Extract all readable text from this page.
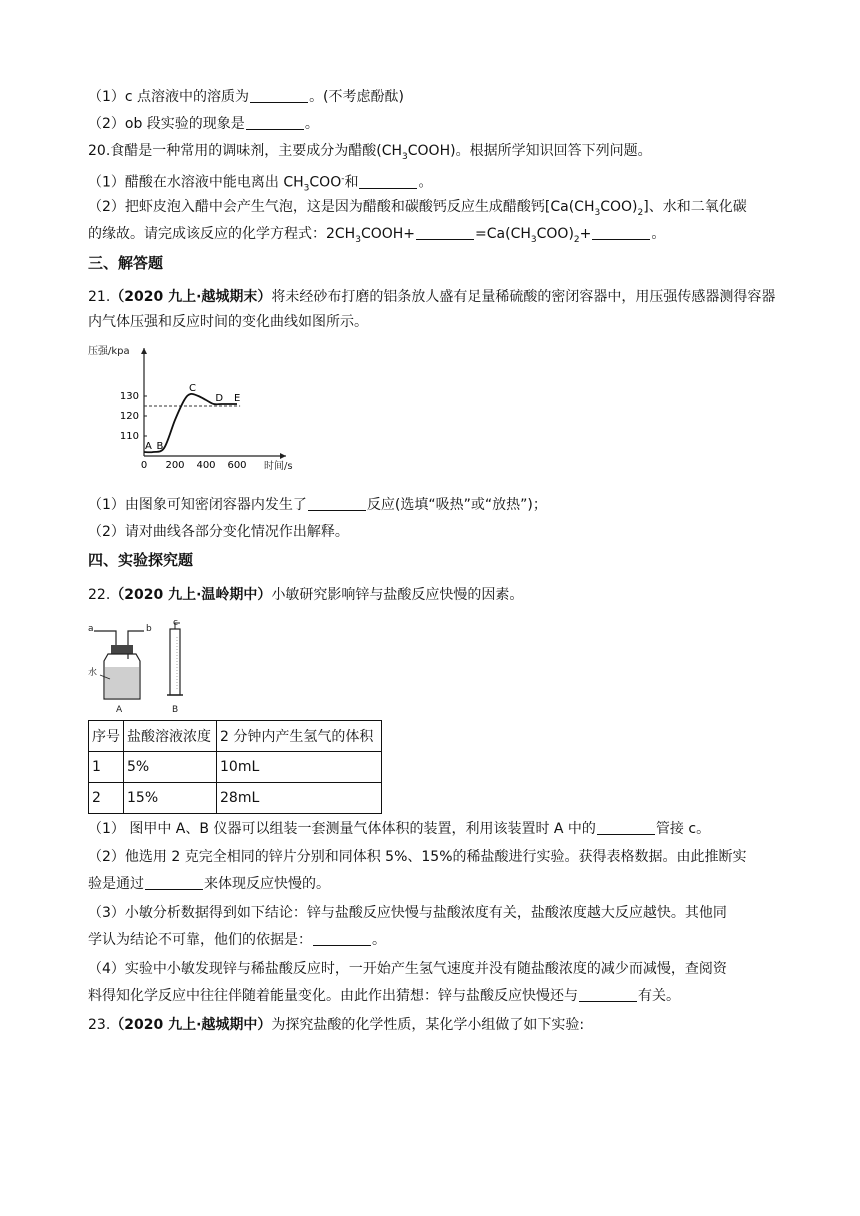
（1）c 点溶液中的溶质为	。(不考虑酚酞)
（2）ob 段实验的现象是	。
20.食醋是一种常用的调味剂，主要成分为醋酸$(CH_3COOH)$。根据所学知识回答下列问题。
（1）醋酸在水溶液中能电离出 $CH_3COO^-$和	。
（2）把虾皮泡入醋中会产生气泡，这是因为醋酸和碳酸钙反应生成醋酸钙$[Ca(CH_3COO)_2]$、水和二氧化碳
的缘故。请完成该反应的化学方程式：$2CH_3COOH+$	$=Ca(CH_3COO)_2+$	。
三、解答题
21.（2020 九上·越城期末）将未经砂布打磨的铝条放人盛有足量稀硫酸的密闭容器中，用压强传感器测得容器内气体压强和反应时间的变化曲线如图所示。
压强/kpa
时间/s
130
120
110
0 200 400 600
A B
C
D E
（1）由图象可知密闭容器内发生了	反应(选填“吸热”或“放热”)；
（2）请对曲线各部分变化情况作出解释。
四、实验探究题
22.（2020 九上·温岭期中）小敏研究影响锌与盐酸反应快慢的因素。
a	b
c
水
A	B
序号	盐酸溶液浓度	2 分钟内产生氢气的体积
1	5%	10mL
2	15%	28mL
（1） 图甲中 A、B 仪器可以组装一套测量气体体积的装置，利用该装置时 A 中的	管接 c。
（2）他选用 2 克完全相同的锌片分别和同体积 5%、15%的稀盐酸进行实验。获得表格数据。由此推断实
验是通过	来体现反应快慢的。
（3）小敏分析数据得到如下结论：锌与盐酸反应快慢与盐酸浓度有关，盐酸浓度越大反应越快。其他同
学认为结论不可靠，他们的依据是：	。
（4）实验中小敏发现锌与稀盐酸反应时，一开始产生氢气速度并没有随盐酸浓度的减少而减慢，查阅资
料得知化学反应中往往伴随着能量变化。由此作出猜想：锌与盐酸反应快慢还与	有关。
23.（2020 九上·越城期中）为探究盐酸的化学性质，某化学小组做了如下实验:
